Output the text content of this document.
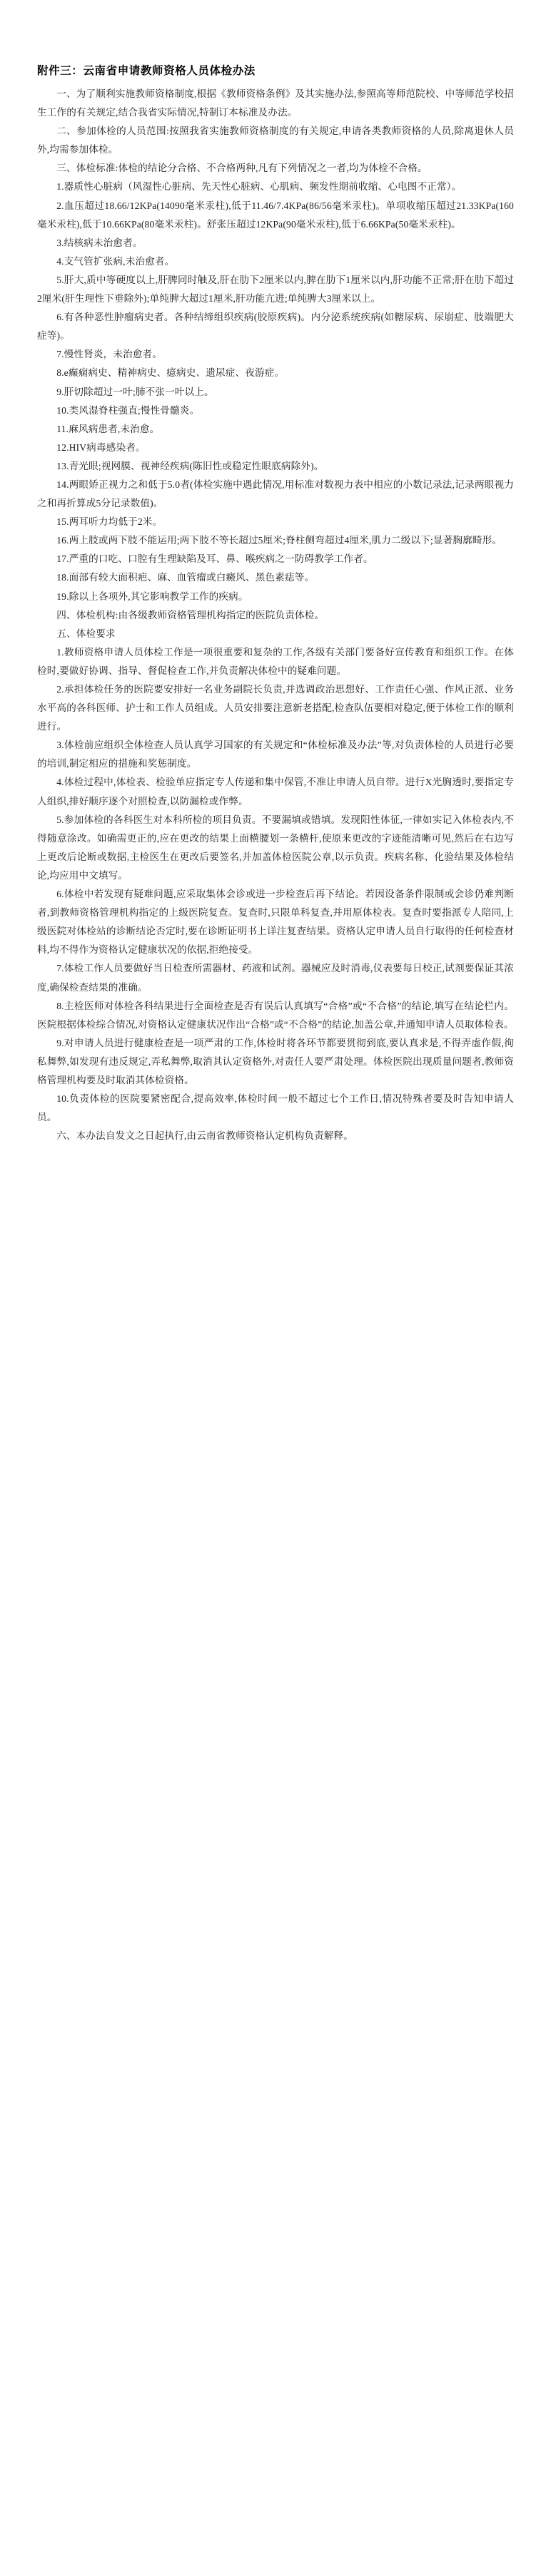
附件三：云南省申请教师资格人员体检办法

一、为了顺利实施教师资格制度,根据《教师资格条例》及其实施办法,参照高等师范院校、中等师范学校招生工作的有关规定,结合我省实际情况,特制订本标准及办法。

二、参加体检的人员范围:按照我省实施教师资格制度的有关规定,申请各类教师资格的人员,除离退休人员外,均需参加体检。

三、体检标准:体检的结论分合格、不合格两种,凡有下列情况之一者,均为体检不合格。

1.器质性心脏病（风湿性心脏病、先天性心脏病、心肌病、频发性期前收缩、心电图不正常）。

2.血压超过18.66/12KPa(14090毫米汞柱),低于11.46/7.4KPa(86/56毫米汞柱)。单项收缩压超过21.33KPa(160毫米汞柱),低于10.66KPa(80毫米汞柱)。舒张压超过12KPa(90毫米汞柱),低于6.66KPa(50毫米汞柱)。

3.结核病未治愈者。

4.支气管扩张病,未治愈者。

5.肝大,质中等硬度以上,肝脾同时触及,肝在肋下2厘米以内,脾在肋下1厘米以内,肝功能不正常;肝在肋下超过2厘米(肝生理性下垂除外);单纯脾大超过1厘米,肝功能亢进;单纯脾大3厘米以上。

6.有各种恶性肿瘤病史者。各种结缔组织疾病(胶原疾病)。内分泌系统疾病(如糖尿病、尿崩症、肢端肥大症等)。

7.慢性肾炎，未治愈者。

8.e癫痫病史、精神病史、癔病史、遗尿症、夜游症。

9.肝切除超过一叶;肺不张一叶以上。

10.类风湿脊柱强直;慢性骨髓炎。

11.麻风病患者,未治愈。

12.HIV病毒感染者。

13.青光眼;视网膜、视神经疾病(陈旧性或稳定性眼底病除外)。

14.两眼矫正视力之和低于5.0者(体检实施中遇此情况,用标准对数视力表中相应的小数记录法,记录两眼视力之和再折算成5分记录数值)。

15.两耳听力均低于2米。

16.两上肢或两下肢不能运用;两下肢不等长超过5厘米;脊柱侧弯超过4厘米,肌力二级以下;显著胸廓畸形。

17.严重的口吃、口腔有生理缺陷及耳、鼻、喉疾病之一防碍教学工作者。

18.面部有较大面积疤、麻、血管瘤或白癜风、黑色素痣等。

19.除以上各项外,其它影响教学工作的疾病。

四、体检机构:由各级教师资格管理机构指定的医院负责体检。

五、体检要求

1.教师资格申请人员体检工作是一项很重要和复杂的工作,各级有关部门要备好宣传教育和组织工作。在体检时,要做好协调、指导、督促检查工作,并负责解决体检中的疑难问题。

2.承担体检任务的医院要安排好一名业务副院长负责,并选调政治思想好、工作责任心强、作风正派、业务水平高的各科医师、护士和工作人员组成。人员安排要注意新老搭配,检查队伍要相对稳定,便于体检工作的顺利进行。

3.体检前应组织全体检查人员认真学习国家的有关规定和“体检标准及办法”等,对负责体检的人员进行必要的培训,制定相应的措施和奖惩制度。

4.体检过程中,体检表、检验单应指定专人传递和集中保管,不准让申请人员自带。进行X光胸透时,要指定专人组织,排好顺序逐个对照检查,以防漏检或作弊。

5.参加体检的各科医生对本科所检的项目负责。不要漏填或错填。发现阳性体征,一律如实记入体检表内,不得随意涂改。如确需更正的,应在更改的结果上面横腰划一条横杆,使原来更改的字迹能清晰可见,然后在右边写上更改后论断或数据,主检医生在更改后要签名,并加盖体检医院公章,以示负责。疾病名称、化验结果及体检结论,均应用中文填写。

6.体检中若发现有疑难问题,应采取集体会诊或进一步检查后再下结论。若因设备条件限制或会诊仍难判断者,到教师资格管理机构指定的上级医院复查。复查时,只限单科复查,并用原体检表。复查时要指派专人陪同,上级医院对体检站的诊断结论否定时,要在诊断证明书上详注复查结果。资格认定申请人员自行取得的任何检查材料,均不得作为资格认定健康状况的依据,拒绝接受。

7.体检工作人员要做好当日检查所需器材、药液和试剂。器械应及时消毒,仪表要每日校正,试剂要保证其浓度,确保检查结果的准确。

8.主检医师对体检各科结果进行全面检查是否有误后认真填写“合格”或“不合格”的结论,填写在结论栏内。医院根据体检综合情况,对资格认定健康状况作出“合格”或“不合格”的结论,加盖公章,并通知申请人员取体检表。

9.对申请人员进行健康检查是一项严肃的工作,体检时将各环节都要贯彻到底,要认真求是,不得弄虚作假,徇私舞弊,如发现有违反规定,弄私舞弊,取消其认定资格外,对责任人要严肃处理。体检医院出现质量问题者,教师资格管理机构要及时取消其体检资格。

10.负责体检的医院要紧密配合,提高效率,体检时间一般不超过七个工作日,情况特殊者要及时告知申请人员。

六、本办法自发文之日起执行,由云南省教师资格认定机构负责解释。
